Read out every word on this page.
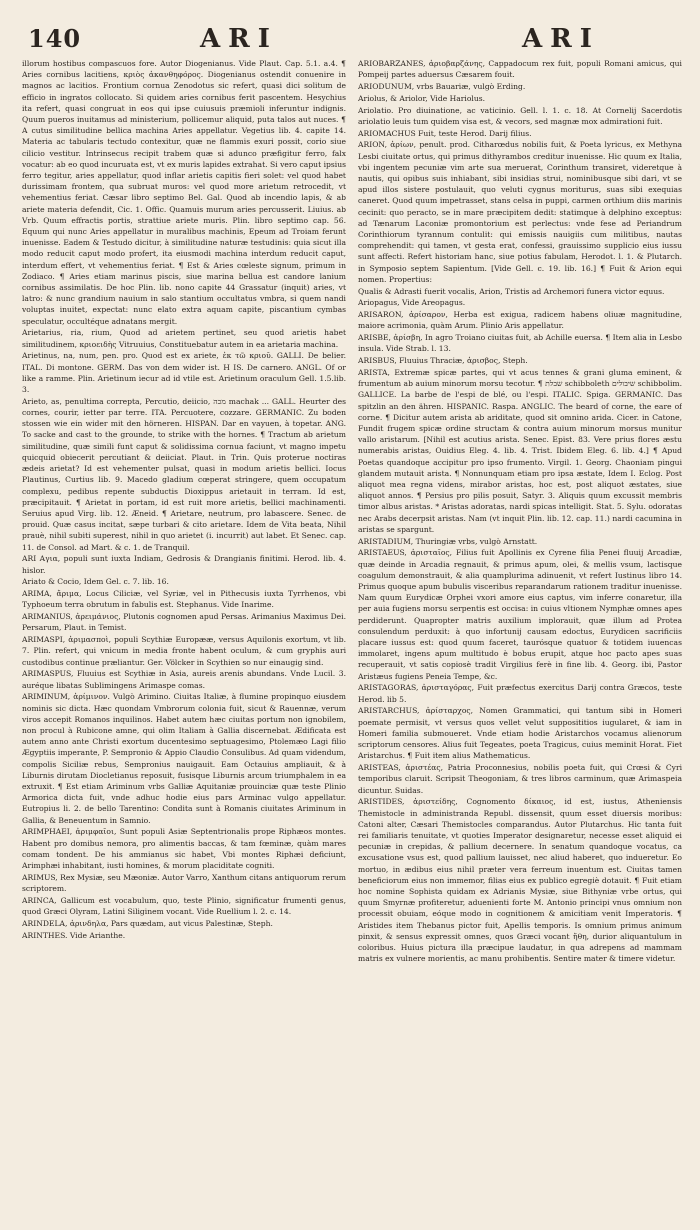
140	ARI	ARI

illorum hostibus compascuos fore. Autor Diogenianus. Vide Plaut. Cap. 5.1. a.4. ¶ Aries cornibus lacitiens, κριὸς ἀκανθηφόρος. Diogenianus ostendit conuenire in magnos ac lacitios. Frontium cornua Zenodotus sic refert, quasi dici solitum de efficio in ingratos collocato. Si quidem aries cornibus ferit pascentem. Hesychius ita refert, quasi congruat in eos qui ipse cuiusuis præmioli inferuntur indignis. Quum pueros inuitamus ad ministerium, pollicemur aliquid, puta talos aut nuces. ¶ A cutus similitudine bellica machina Aries appellatur. Vegetius lib. 4. capite 14. Materia ac tabularis tectudo contexitur, quæ ne flammis exuri possit, corio siue cilicio vestitur. Intrinsecus recipit trabem quæ si adunco præfigitur ferro, falx vocatur: ab eo quod incuruata est, vt ex muris lapides extrahat. Si vero caput ipsius ferro tegitur, aries appellatur, quod inflar arietis capitis fieri solet: vel quod habet durissimam frontem, qua subruat muros: vel quod more arietum retrocedit, vt vehementius feriat. Cæsar libro septimo Bel. Gal. Quod ab incendio lapis, & ab ariete materia defendit, Cic. 1. Offic. Quamuis murum aries percusserit. Liuius. ab Vrb. Quum effractis portis, strattiue ariete muris. Plin. libro septimo cap. 56. Equum qui nunc Aries appellatur in muralibus machinis, Epeum ad Troiam ferunt inuenisse. Eadem & Testudo dicitur, à similitudine naturæ testudinis: quia sicut illa modo reducit caput modo profert, ita eiusmodi machina interdum reducit caput, interdum effert, vt vehementius feriat. ¶ Est & Aries cœleste signum, primum in Zodiaco. ¶ Aries etiam marinus piscis, siue marina bellua est candore lanium cornibus assimilatis. De hoc Plin. lib. nono capite 44 Grassatur (inquit) aries, vt latro: & nunc grandium nauium in salo stantium occultatus vmbra, si quem nandi voluptas inuitet, expectat: nunc elato extra aquam capite, piscantium cymbas speculatur, occultéque adnatans mergit.

Arietarius, ria, rium, Quod ad arietem pertinet, seu quod arietis habet similitudinem, κριοειδὴς Vitruuius, Constituebatur autem in ea arietaria machina.

Arietinus, na, num, pen. pro. Quod est ex ariete, ἐκ τῶ κριοῦ. GALLI. De belier. ITAL. Di montone. GERM. Das von dem wider ist. H IS. De carnero. ANGL. Of or like a ramme. Plin. Arietinum iecur ad id vtile est. Arietinum oraculum Gell. 1.5.lib. 3.

Arieto, as, penultima correpta, Percutio, deiicio, מכה machak ... GALL. Heurter des cornes, courir, ietter par terre. ITA. Percuotere, cozzare. GERMANIC. Zu boden stossen wie ein wider mit den hörneren. HISPAN. Dar en vayuen, à topetar. ANG. To sacke and cast to the grounde, to strike with the hornes. ¶ Tractum ab arietum similitudine, quæ simili funt caput & solidissima cornua faciunt, vt magno impetu quicquid obiecerit percutiant & deiiciat. Plaut. in Trin. Quis proterue noctiras ædeis arietat? Id est vehementer pulsat, quasi in modum arietis bellici. Iocus Plautinus, Curtius lib. 9. Macedo gladium cœperat stringere, quem occupatum complexu, pedibus repente subductis Dioxippus arietauit in terram. Id est, præcipitauit. ¶ Arietat in portam, id est ruit more arietis, bellici machinamenti. Seruius apud Virg. lib. 12. Æneid. ¶ Arietare, neutrum, pro labascere. Senec. de prouid. Quæ casus incitat, sæpe turbari & cito arietare. Idem de Vita beata, Nihil prauè, nihil subiti superest, nihil in quo arietet (i. incurrit) aut labet. Et Senec. cap. 11. de Consol. ad Mart. & c. 1. de Tranquil.

ARI Aγια, populi sunt iuxta Indiam, Gedrosis & Drangianis finitimi. Herod. lib. 4. hislor.

Ariato & Cocio, Idem Gel. c. 7. lib. 16.

ARIMA, ἄριμα, Locus Ciliciæ, vel Syriæ, vel in Pithecusis iuxta Tyrrhenos, vbi Typhoeum terra obrutum in fabulis est. Stephanus. Vide Inarime.

ARIMANIUS, ἀρειμάνιος, Plutonis cognomen apud Persas. Arimanius Maximus Dei. Persarum, Plaut. in Temist.

ARIMASPI, ἀριμασποὶ, populi Scythiæ Europææ, versus Aquilonis exortum, vt lib. 7. Plin. refert, qui vnicum in media fronte habent oculum, & cum gryphis auri custodibus continue præliantur. Ger. Völcker in Scythien so nur einaugig sind.

ARIMASPUS, Fluuius est Scythiæ in Asia, aureis arenis abundans. Vnde Lucil. 3. auréque libatas Sublimingens Arimaspe comas.

ARIMINUM, ἀρίμινον. Vulgò Arimino. Ciuitas Italiæ, à flumine propinquo eiusdem nominis sic dicta. Hæc quondam Vmbrorum colonia fuit, sicut & Rauennæ, verum viros accepit Romanos inquilinos. Habet autem hæc ciuitas portum non ignobilem, non procul à Rubicone amne, qui olim Italiam à Gallia discernebat. Ædificata est autem anno ante Christi exortum ducentesimo septuagesimo, Ptolemæo Lagi filio Ægyptiis imperante, P. Sempronio & Appio Claudio Consulibus. Ad quam videndum, compolis Siciliæ rebus, Sempronius nauigauit. Eam Octauius ampliauit, & à Liburnis dirutam Diocletianus reposuit, fusisque Liburnis arcum triumphalem in ea extruxit. ¶ Est etiam Ariminum vrbs Galliæ Aquitaniæ prouinciæ quæ teste Plinio Armorica dicta fuit, vnde adhuc hodie eius pars Arminac vulgo appellatur. Eutropius li. 2. de bello Tarentino: Condita sunt à Romanis ciuitates Ariminum in Gallia, & Beneuentum in Samnio.

ARIMPHAEI, ἀριμφαῖοι, Sunt populi Asiæ Septentrionalis prope Riphæos montes. Habent pro domibus nemora, pro alimentis baccas, & tam fœminæ, quàm mares comam tondent. De his ammianus sic habet, Vbi montes Riphæi deficiunt, Arimphæi inhabitant, iusti homines, & morum placiditate cogniti.

ARIMUS, Rex Mysiæ, seu Mæoniæ. Autor Varro, Xanthum citans antiquorum rerum scriptorem.

ARINCA, Gallicum est vocabulum, quo, teste Plinio, significatur frumenti genus, quod Græci Olyram, Latini Siliginem vocant. Vide Ruellium l. 2. c. 14.

ARINDELA, ἀρινδηλα, Pars quædam, aut vicus Palestinæ, Steph.

ARINTHES. Vide Arianthe.

ARIOBARZANES, ἀριοβαρζάνης, Cappadocum rex fuit, populi Romani amicus, qui Pompeij partes aduersus Cæsarem fouit.

ARIODUNUM, vrbs Bauariæ, vulgò Erding.

Ariolus, & Ariolor, Vide Hariolus.

Ariolatio. Pro diuinatione, ac vaticinio. Gell. l. 1. c. 18. At Cornelij Sacerdotis ariolatio leuis tum quidem visa est, & vecors, sed magnæ mox admirationi fuit.

ARIOMACHUS Fuit, teste Herod. Darij filius.

ARION, ἀρίων, penult. prod. Citharœdus nobilis fuit, & Poeta lyricus, ex Methyna Lesbi ciuitate ortus, qui primus dithyrambos creditur inuenisse. Hic quum ex Italia, vbi ingentem pecuniæ vim arte sua meruerat, Corinthum transiret, videretque à nautis, qui opibus suis inhiabant, sibi insidias strui, nominibusque sibi dari, vt se apud illos sistere postulauit, quo veluti cygnus moriturus, suas sibi exequias caneret. Quod quum impetrasset, stans celsa in puppi, carmen orthium diis marinis cecinit: quo peracto, se in mare præcipitem dedit: statimque à delphino exceptus: ad Tænarum Laconiæ promontorium est perlectus: vnde fese ad Periandrum Corinthiorum tyrannum contulit: qui emissis nauigiis cum militibus, nautas comprehendit: qui tamen, vt gesta erat, confessi, grauissimo supplicio eius iussu sunt affecti. Refert historiam hanc, siue potius fabulam, Herodot. l. 1. & Plutarch. in Symposio septem Sapientum. [Vide Gell. c. 19. lib. 16.] ¶ Fuit & Arion equi nomen. Propertius:

Qualis & Adrasti fuerit vocalis, Arion, Tristis ad Archemori funera victor equus.

Ariopagus, Vide Areopagus.

ARISARON, ἀρίσαρον, Herba est exigua, radicem habens oliuæ magnitudine, maiore acrimonia, quàm Arum. Plinio Aris appellatur.

ARISBE, ἀρίσβη, In agro Troiano ciuitas fuit, ab Achille euersa. ¶ Item alia in Lesbo insula. Vide Strab. l. 13.

ARISBUS, Fluuius Thraciæ, ἀρισβος, Steph.

ARISTA, Extremæ spicæ partes, qui vt acus tennes & grani gluma eminent, & frumentum ab auium minorum morsu tecotur. ¶ שבלת schibboleth שיבולים schibbolim. GALLICE. La barbe de l'espi de blé, ou l'espi. ITALIC. Spiga. GERMANIC. Das spitzlin an den ähren. HISPANIC. Raspa. ANGLIC. The beard of corne, the eare of corne. ¶ Dicitur autem arista ab ariditate, quod sit omnino arida. Cicer. in Catone, Fundit frugem spicæ ordine structam & contra auium minorum morsus munitur vallo aristarum. [Nihil est acutius arista. Senec. Epist. 83. Vere prius flores æstu numerabis aristas, Ouidius Eleg. 4. lib. 4. Trist. Ibidem Eleg. 6. lib. 4.] ¶ Apud Poetas quandoque accipitur pro ipso frumento. Virgil. 1. Georg. Chaoniam pingui glandem mutauit arista. ¶ Nonnunquam etiam pro ipsa æstate, Idem I. Eclog. Post aliquot mea regna videns, mirabor aristas, hoc est, post aliquot æstates, siue aliquot annos. ¶ Persius pro pilis posuit, Satyr. 3. Aliquis quum excussit membris timor albus aristas. * Aristas adoratas, nardi spicas intelligit. Stat. 5. Sylu. odoratas nec Arabs decerpsit aristas. Nam (vt inquit Plin. lib. 12. cap. 11.) nardi cacumina in aristas se spargunt.

ARISTADIUM, Thuringiæ vrbs, vulgò Arnstatt.

ARISTAEUS, ἀρισταῖος, Filius fuit Apollinis ex Cyrene filia Penei fluuij Arcadiæ, quæ deinde in Arcadia regnauit, & primus apum, olei, & mellis vsum, lactisque coagulum demonstrauit, & alia quamplurima adinuenit, vt refert Iustinus libro 14. Primus quoque apum bubulis visceribus reparandarum rationem traditur inuenisse. Nam quum Eurydicæ Orphei vxori amore eius captus, vim inferre conaretur, illa per auia fugiens morsu serpentis est occisa: in cuius vltionem Nymphæ omnes apes perdiderunt. Quapropter matris auxilium implorauit, quæ illum ad Protea consulendum perduxit: à quo infortunij causam edoctus, Eurydicen sacrificiis placare iussus est: quod quum faceret, taurósque quatuor & totidem iuuencas immolaret, ingens apum multitudo è bobus erupit, atque hoc pacto apes suas recuperauit, vt satis copiosè tradit Virgilius ferè in fine lib. 4. Georg. ibi, Pastor Aristæus fugiens Peneia Tempe, &c.

ARISTAGORAS, ἀρισταγόρας, Fuit præfectus exercitus Darij contra Græcos, teste Herod. lib 5.

ARISTARCHUS, ἀρίσταρχος, Nomen Grammatici, qui tantum sibi in Homeri poemate permisit, vt versus quos vellet velut supposititios iugularet, & iam in Homeri familia submoueret. Vnde etiam hodie Aristarchos vocamus alienorum scriptorum censores. Alius fuit Tegeates, poeta Tragicus, cuius meminit Horat. Fiet Aristarchus. ¶ Fuit item alius Mathematicus.

ARISTEAS, ἀριστέας, Patria Proconnesius, nobilis poeta fuit, qui Crœsi & Cyri temporibus claruit. Scripsit Theogoniam, & tres libros carminum, quæ Arimaspeia dicuntur. Suidas.

ARISTIDES, ἀριστείδης, Cognomento δίκαιος, id est, iustus, Atheniensis Themistocle in administranda Republ. dissensit, quum esset diuersis moribus: Catoni alter, Cæsari Themistocles comparandus. Autor Plutarchus. Hic tanta fuit rei familiaris tenuitate, vt quoties Imperator designaretur, necesse esset aliquid ei pecuniæ in crepidas, & pallium decernere. In senatum quandoque vocatus, ca excusatione vsus est, quod pallium lauisset, nec aliud haberet, quo indueretur. Eo mortuo, in ædibus eius nihil præter vera ferreum inuentum est. Ciuitas tamen beneficiorum eius non immemor, filias eius ex publico egregiè dotauit. ¶ Fuit etiam hoc nomine Sophista quidam ex Adrianis Mysiæ, siue Bithyniæ vrbe ortus, qui quum Smyrnæ profiteretur, aduenienti forte M. Antonio principi vnus omnium non processit obuiam, eóque modo in cognitionem & amicitiam venit Imperatoris. ¶ Aristides item Thebanus pictor fuit, Apellis temporis. Is omnium primus animum pinxit, & sensus expressit omnes, quos Græci vocant ἤθη, durior aliquantulum in coloribus. Huius pictura illa præcipue laudatur, in qua adrepens ad mammam matris ex vulnere morientis, ac manu prohibentis. Sentire mater & timere videtur.
